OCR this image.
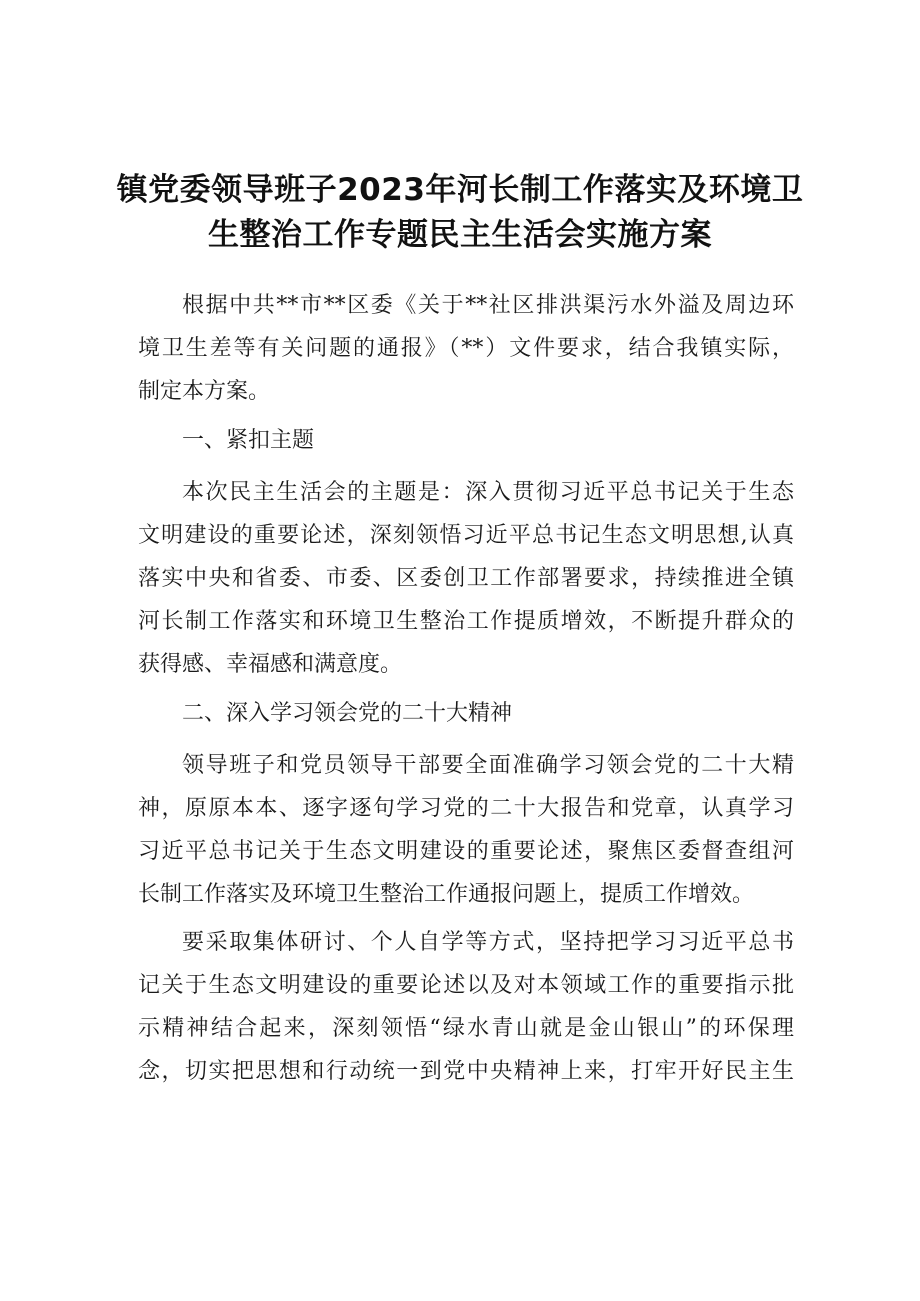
镇党委领导班子2023年河长制工作落实及环境卫
生整治工作专题民主生活会实施方案
根据中共**市**区委《关于**社区排洪渠污水外溢及周边环
境卫生差等有关问题的通报》（**）文件要求，结合我镇实际，
制定本方案。
一、紧扣主题
本次民主生活会的主题是：深入贯彻习近平总书记关于生态
文明建设的重要论述，深刻领悟习近平总书记生态文明思想,认真
落实中央和省委、市委、区委创卫工作部署要求，持续推进全镇
河长制工作落实和环境卫生整治工作提质增效，不断提升群众的
获得感、幸福感和满意度。
二、深入学习领会党的二十大精神
领导班子和党员领导干部要全面准确学习领会党的二十大精
神，原原本本、逐字逐句学习党的二十大报告和党章，认真学习
习近平总书记关于生态文明建设的重要论述，聚焦区委督查组河
长制工作落实及环境卫生整治工作通报问题上，提质工作增效。
要采取集体研讨、个人自学等方式，坚持把学习习近平总书
记关于生态文明建设的重要论述以及对本领域工作的重要指示批
示精神结合起来，深刻领悟“绿水青山就是金山银山”的环保理
念，切实把思想和行动统一到党中央精神上来，打牢开好民主生
